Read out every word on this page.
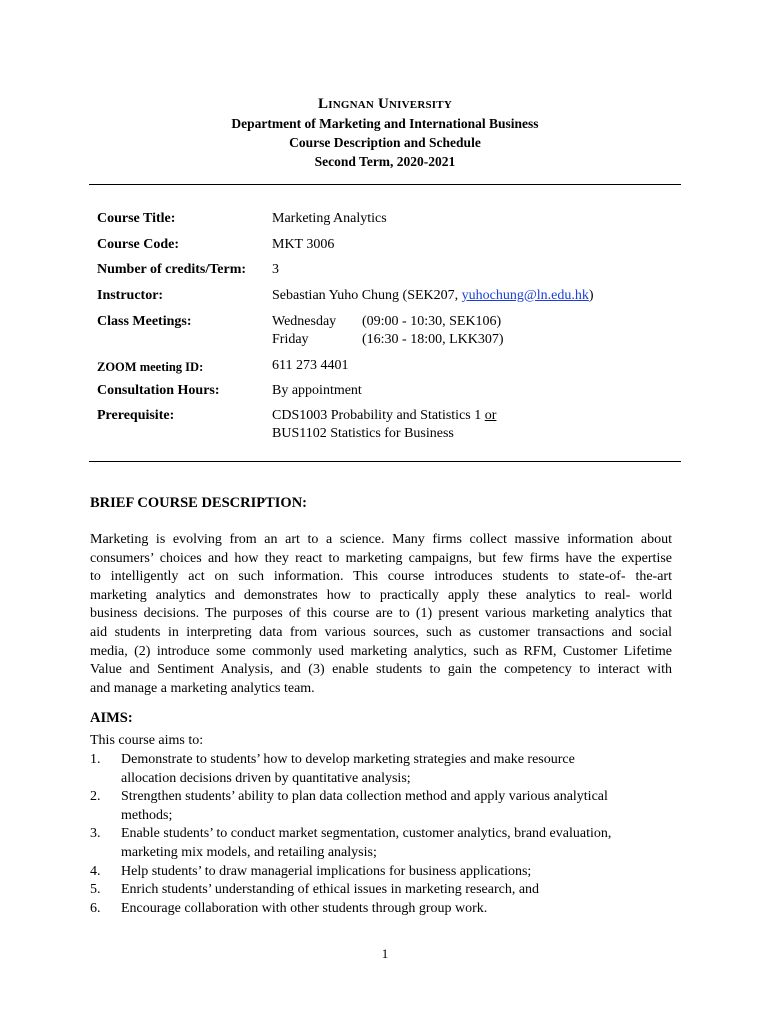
Lingnan University
Department of Marketing and International Business
Course Description and Schedule
Second Term, 2020-2021
Course Title:	Marketing Analytics
Course Code:	MKT 3006
Number of credits/Term: 3
Instructor:	Sebastian Yuho Chung (SEK207, yuhochung@ln.edu.hk)
Class Meetings:	Wednesday (09:00 - 10:30, SEK106)
Friday	(16:30 - 18:00, LKK307)
ZOOM meeting ID:	611 273 4401
Consultation Hours:	By appointment
Prerequisite:	CDS1003 Probability and Statistics 1 or
BUS1102 Statistics for Business
BRIEF COURSE DESCRIPTION:
Marketing is evolving from an art to a science. Many firms collect massive information about
consumers’ choices and how they react to marketing campaigns, but few firms have the expertise
to intelligently act on such information. This course introduces students to state-of- the-art
marketing analytics and demonstrates how to practically apply these analytics to real- world
business decisions. The purposes of this course are to (1) present various marketing analytics that
aid students in interpreting data from various sources, such as customer transactions and social
media, (2) introduce some commonly used marketing analytics, such as RFM, Customer Lifetime
Value and Sentiment Analysis, and (3) enable students to gain the competency to interact with
and manage a marketing analytics team.
AIMS:
This course aims to:
1. Demonstrate to students’ how to develop marketing strategies and make resource
allocation decisions driven by quantitative analysis;
2. Strengthen students’ ability to plan data collection method and apply various analytical
methods;
3. Enable students’ to conduct market segmentation, customer analytics, brand evaluation,
marketing mix models, and retailing analysis;
4. Help students’ to draw managerial implications for business applications;
5. Enrich students’ understanding of ethical issues in marketing research, and
6. Encourage collaboration with other students through group work.
1
